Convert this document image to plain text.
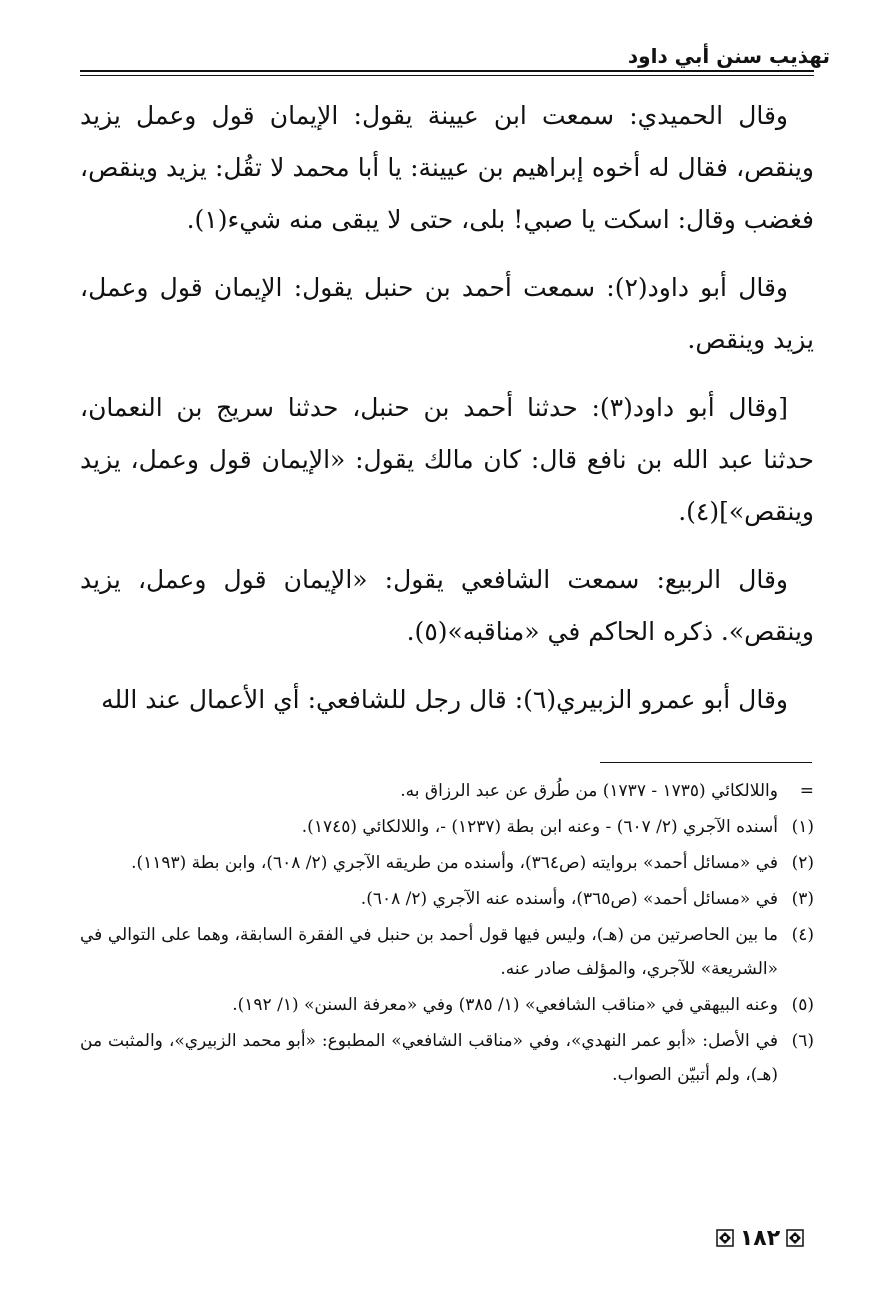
تهذيب سنن أبي داود

وقال الحميدي: سمعت ابن عيينة يقول: الإيمان قول وعمل يزيد وينقص، فقال له أخوه إبراهيم بن عيينة: يا أبا محمد لا تقُل: يزيد وينقص، فغضب وقال: اسكت يا صبي! بلى، حتى لا يبقى منه شيء(١).

وقال أبو داود(٢): سمعت أحمد بن حنبل يقول: الإيمان قول وعمل، يزيد وينقص.

[وقال أبو داود(٣): حدثنا أحمد بن حنبل، حدثنا سريج بن النعمان، حدثنا عبد الله بن نافع قال: كان مالك يقول: «الإيمان قول وعمل، يزيد وينقص»](٤).

وقال الربيع: سمعت الشافعي يقول: «الإيمان قول وعمل، يزيد وينقص». ذكره الحاكم في «مناقبه»(٥).

وقال أبو عمرو الزبيري(٦): قال رجل للشافعي: أي الأعمال عند الله

=
واللالكائي (١٧٣٥ - ١٧٣٧) من طُرق عن عبد الرزاق به.
(١)
أسنده الآجري (٢/ ٦٠٧) - وعنه ابن بطة (١٢٣٧) -، واللالكائي (١٧٤٥).
(٢)
في «مسائل أحمد» بروايته (ص٣٦٤)، وأسنده من طريقه الآجري (٢/ ٦٠٨)، وابن بطة (١١٩٣).
(٣)
في «مسائل أحمد» (ص٣٦٥)، وأسنده عنه الآجري (٢/ ٦٠٨).
(٤)
ما بين الحاصرتين من (هـ)، وليس فيها قول أحمد بن حنبل في الفقرة السابقة، وهما على التوالي في «الشريعة» للآجري، والمؤلف صادر عنه.
(٥)
وعنه البيهقي في «مناقب الشافعي» (١/ ٣٨٥) وفي «معرفة السنن» (١/ ١٩٢).
(٦)
في الأصل: «أبو عمر النهدي»، وفي «مناقب الشافعي» المطبوع: «أبو محمد الزبيري»، والمثبت من (هـ)، ولم أتبيّن الصواب.
١٨٢
